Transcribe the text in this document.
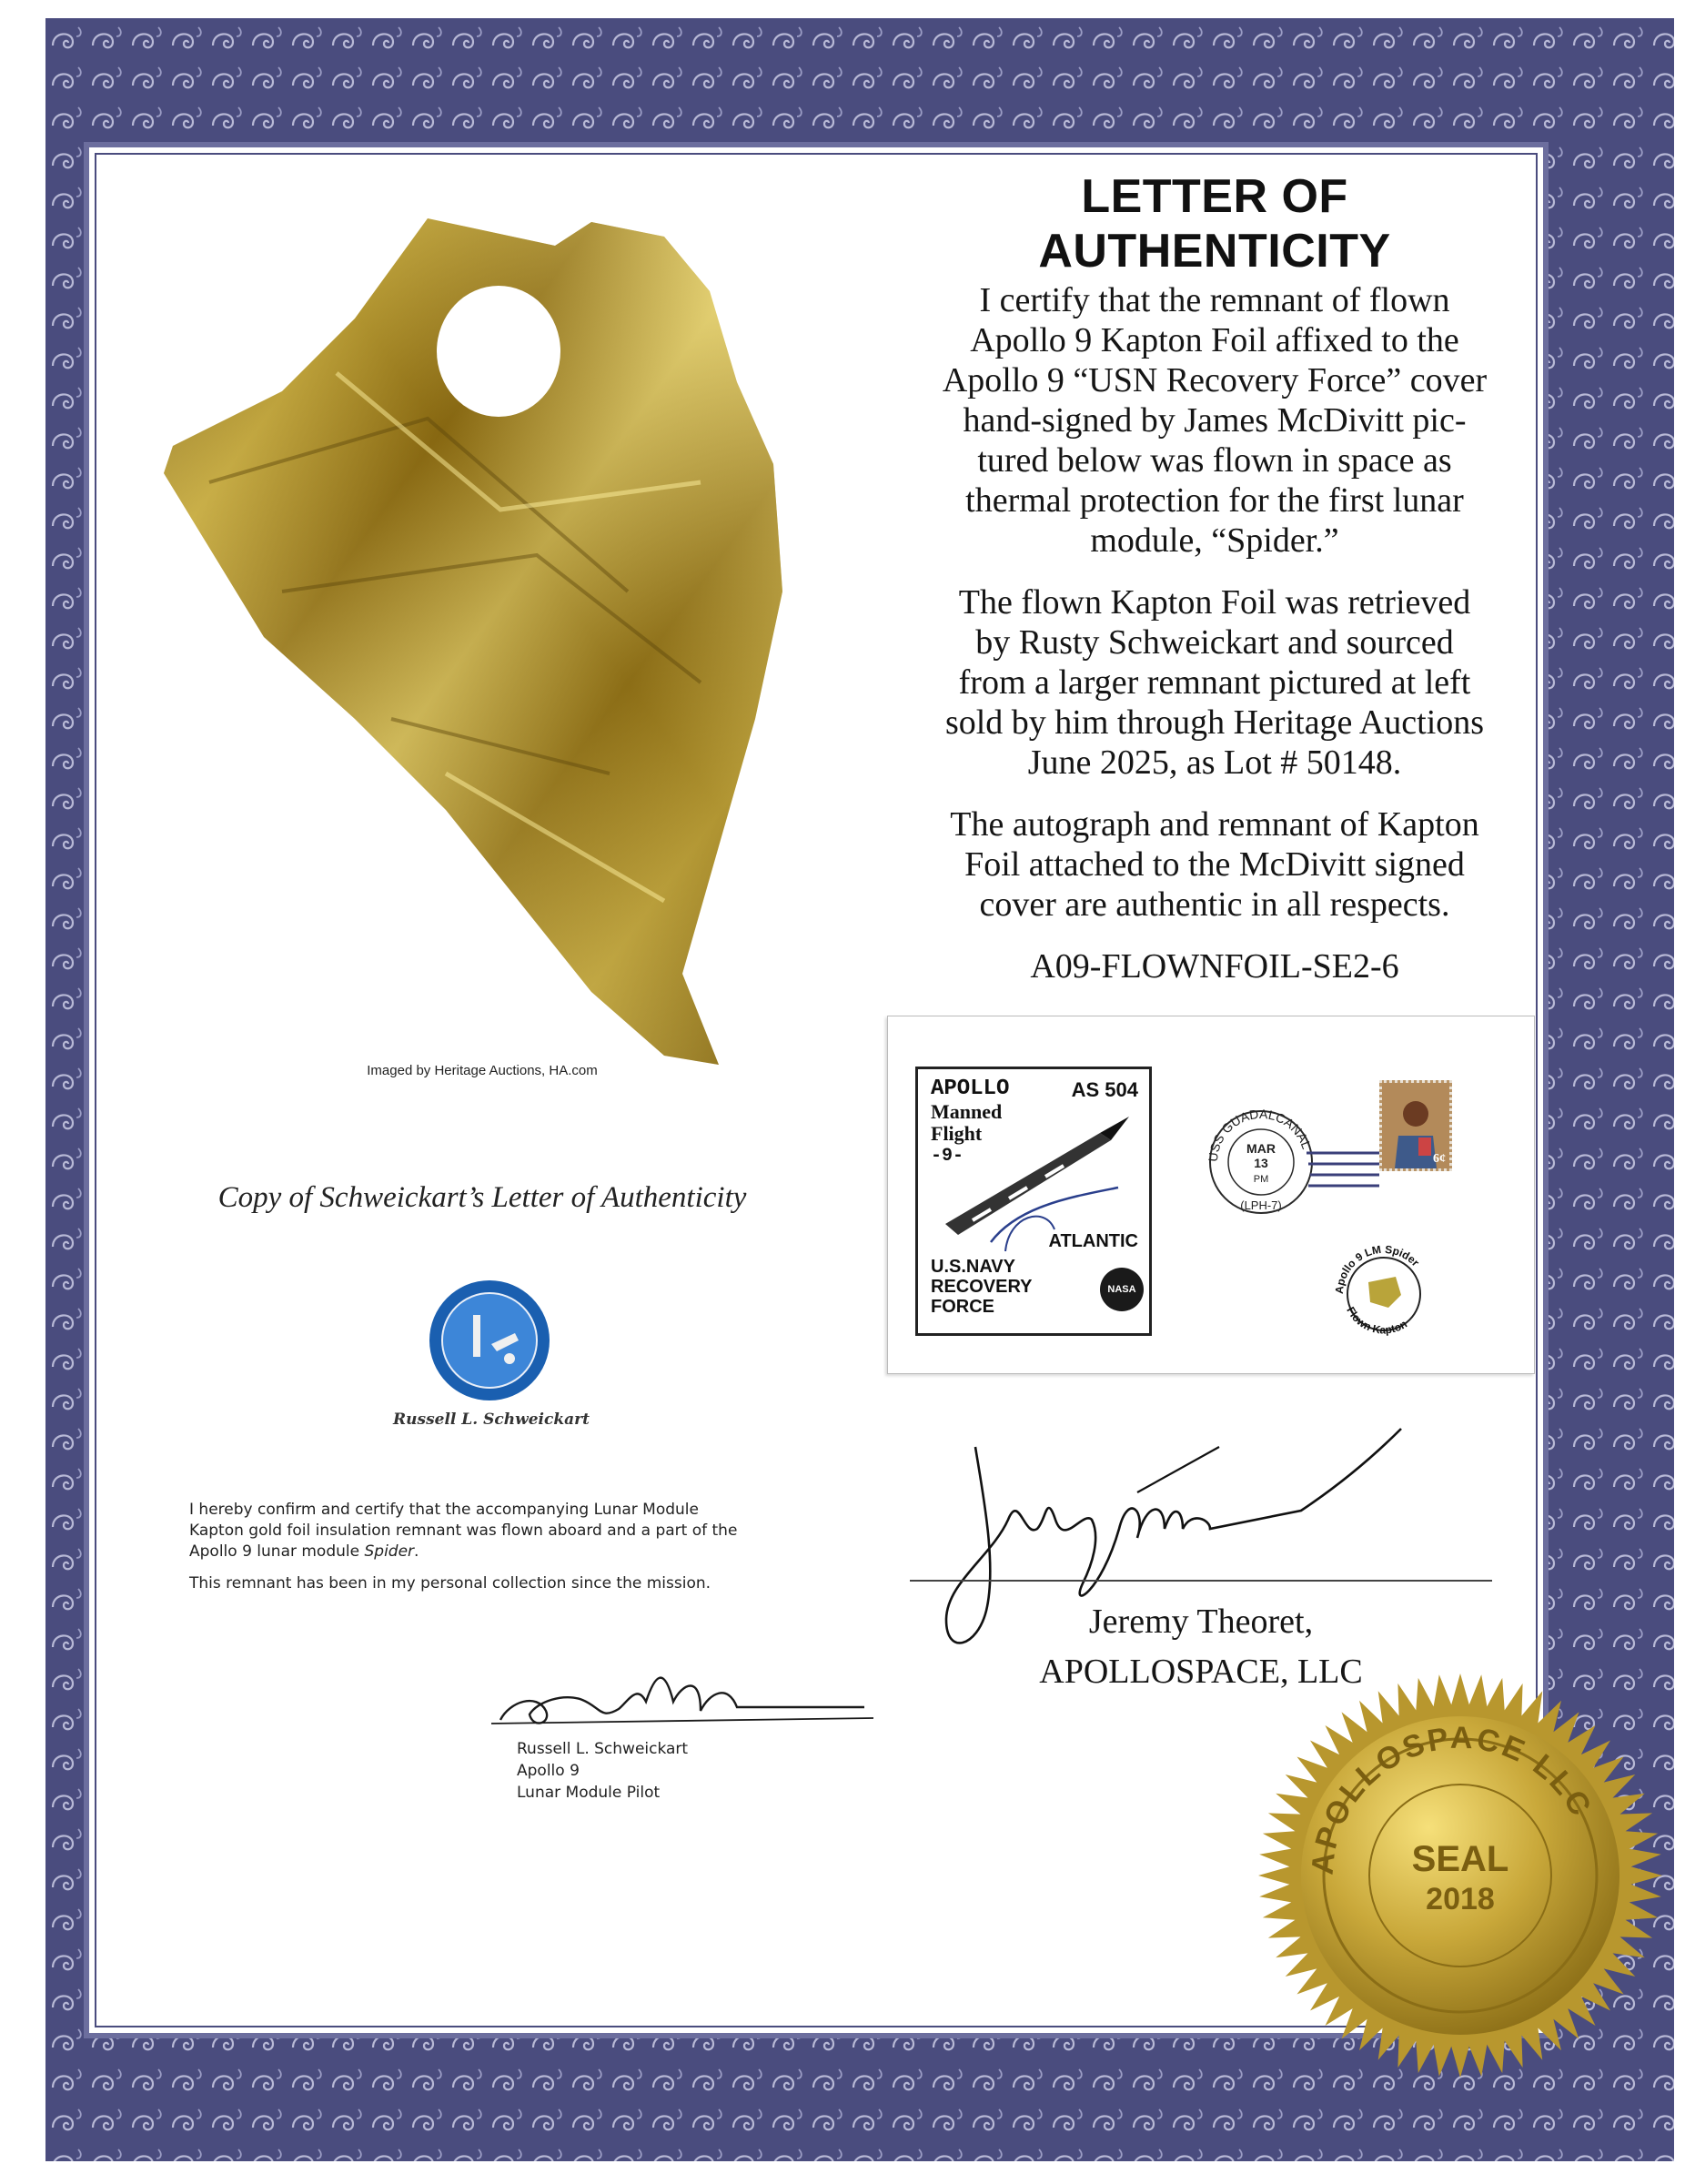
LETTER OF AUTHENTICITY
I certify that the remnant of flown
Apollo 9 Kapton Foil affixed to the
Apollo 9 “USN Recovery Force” cover
hand-signed by James McDivitt pic-
tured below was flown in space as
thermal protection for the first lunar
module, “Spider.”
The flown Kapton Foil was retrieved
by Rusty Schweickart and sourced
from a larger remnant pictured at left
sold by him through Heritage Auctions
June 2025, as Lot # 50148.
The autograph and remnant of Kapton
Foil attached to the McDivitt signed
cover are authentic in all respects.
A09-FLOWNFOIL-SE2-6
Imaged by Heritage Auctions, HA.com
Copy of Schweickart’s Letter of Authenticity
Russell L. Schweickart

I hereby confirm and certify that the accompanying Lunar Module
Kapton gold foil insulation remnant was flown aboard and a part of the
Apollo 9 lunar module Spider.

This remnant has been in my personal collection since the mission.

Russell L. Schweickart
Apollo 9
Lunar Module Pilot
APOLLO	AS 504
Manned
Flight
-9-
ATLANTIC
U.S.NAVY
RECOVERY
FORCE
NASA
USS GUADALCANAL
MAR
13
PM
(LPH-7)
6¢
Apollo 9 LM Spider
Flown Kapton
Jeremy Theoret,
APOLLOSPACE, LLC
APOLLOSPACE LLC
SEAL
2018
